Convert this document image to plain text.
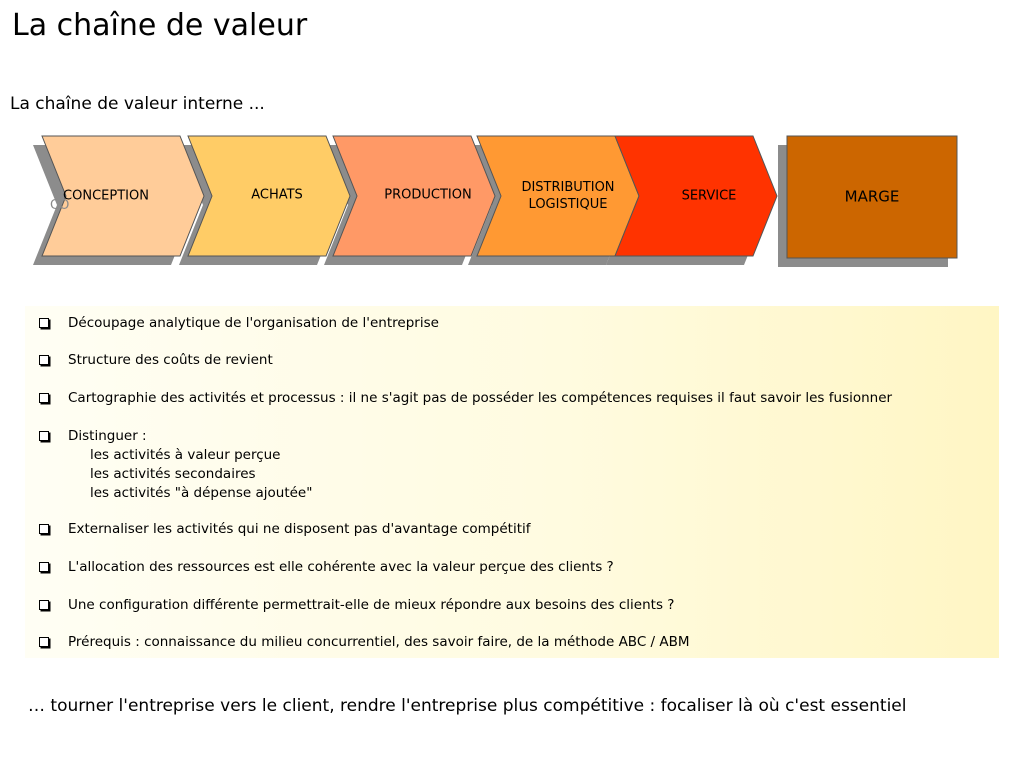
La chaîne de valeur
La chaîne de valeur interne ...
CO
CONCEPTION	ACHATS	PRODUCTION	DISTRIBUTION
LOGISTIQUE
SERVICE	MARGE
Découpage analytique de l'organisation de l'entreprise
Structure des coûts de revient
Cartographie des activités et processus : il ne s'agit pas de posséder les compétences requises il faut savoir les fusionner
Distinguer :
les activités à valeur perçue
les activités secondaires
les activités "à dépense ajoutée"
Externaliser les activités qui ne disposent pas d'avantage compétitif
L'allocation des ressources est elle cohérente avec la valeur perçue des clients ?
Une configuration différente permettrait-elle de mieux répondre aux besoins des clients ?
Prérequis : connaissance du milieu concurrentiel, des savoir faire, de la méthode ABC / ABM
… tourner l'entreprise vers le client, rendre l'entreprise plus compétitive : focaliser là où c'est essentiel
